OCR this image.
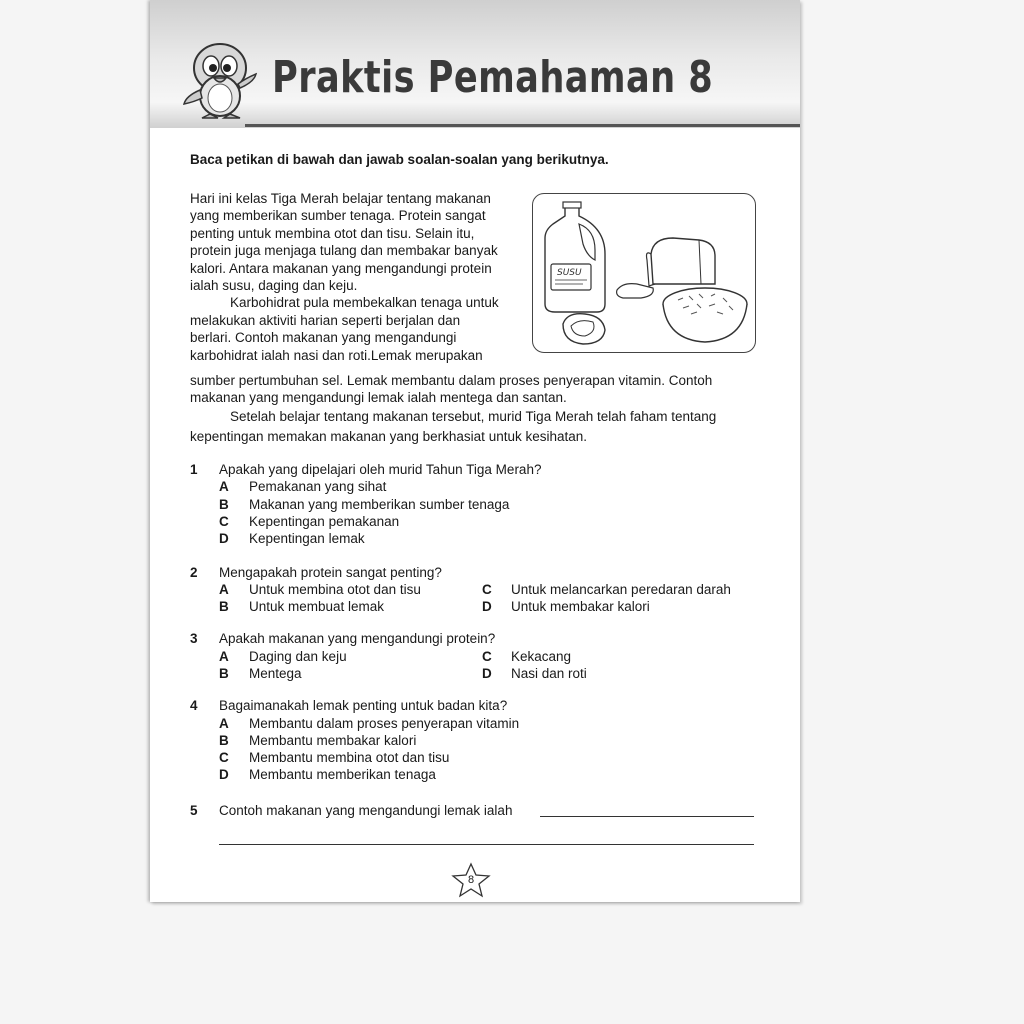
Praktis Pemahaman 8
Baca petikan di bawah dan jawab soalan-soalan yang berikutnya.
Hari ini kelas Tiga Merah belajar tentang makanan
yang memberikan sumber tenaga. Protein sangat
penting untuk membina otot dan tisu. Selain itu,
protein juga menjaga tulang dan membakar banyak
kalori. Antara makanan yang mengandungi protein
ialah susu, daging dan keju.
Karbohidrat pula membekalkan tenaga untuk
melakukan aktiviti harian seperti berjalan dan
berlari. Contoh makanan yang mengandungi
karbohidrat ialah nasi dan roti.Lemak merupakan
sumber pertumbuhan sel. Lemak membantu dalam proses penyerapan vitamin. Contoh
makanan yang mengandungi lemak ialah mentega dan santan.
Setelah belajar tentang makanan tersebut, murid Tiga Merah telah faham tentang
kepentingan memakan makanan yang berkhasiat untuk kesihatan.
SUSU
1 Apakah yang dipelajari oleh murid Tahun Tiga Merah?
A Pemakanan yang sihat
B Makanan yang memberikan sumber tenaga
C Kepentingan pemakanan
D Kepentingan lemak
2 Mengapakah protein sangat penting?
A Untuk membina otot dan tisu	C Untuk melancarkan peredaran darah
B Untuk membuat lemak	D Untuk membakar kalori
3 Apakah makanan yang mengandungi protein?
A Daging dan keju	C Kekacang
B Mentega	D Nasi dan roti
4 Bagaimanakah lemak penting untuk badan kita?
A Membantu dalam proses penyerapan vitamin
B Membantu membakar kalori
C Membantu membina otot dan tisu
D Membantu memberikan tenaga
5 Contoh makanan yang mengandungi lemak ialah
8
